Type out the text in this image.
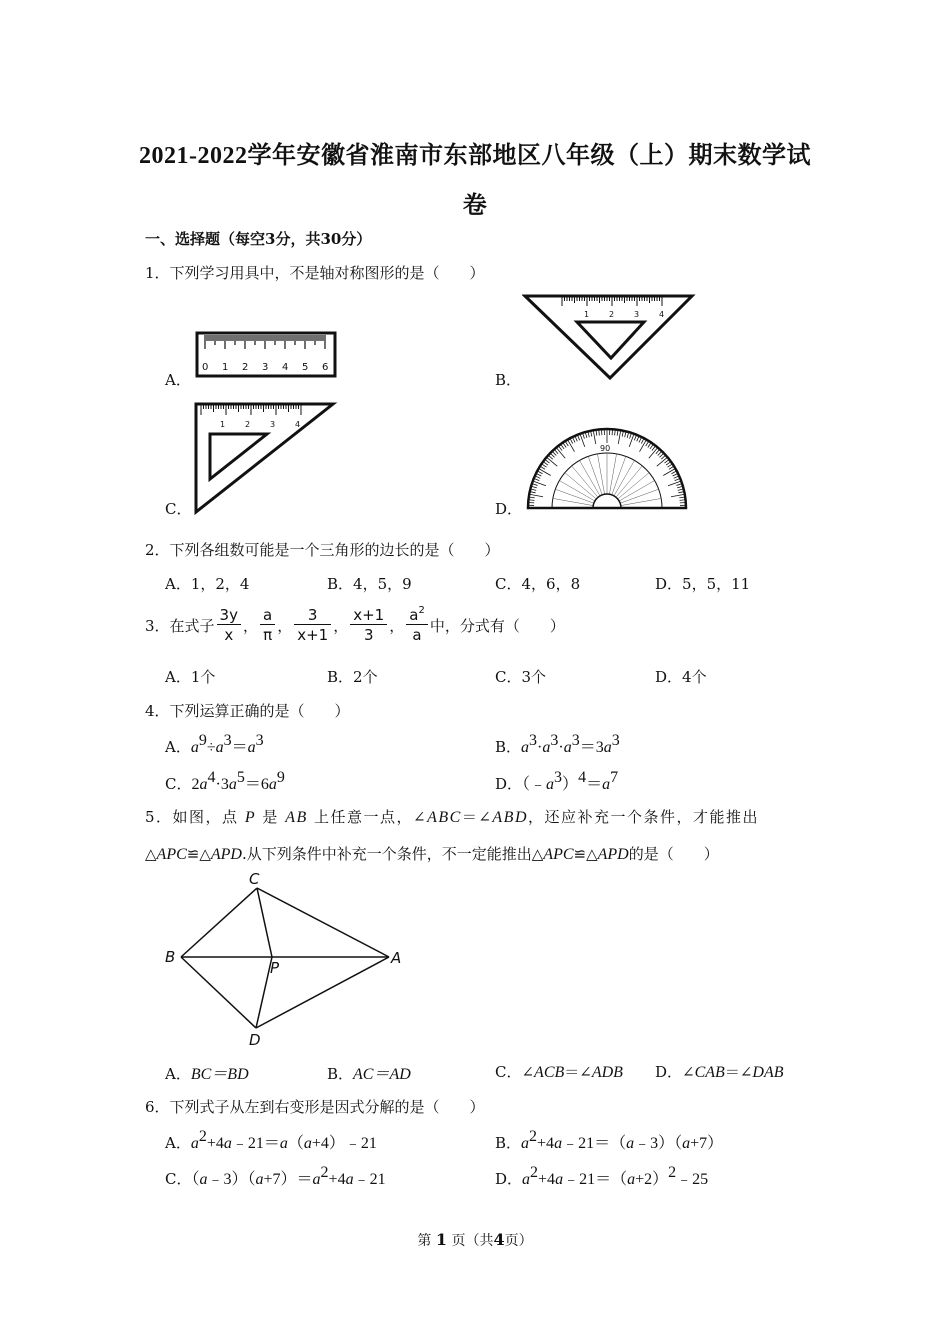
2021-2022学年安徽省淮南市东部地区八年级（上）期末数学试
卷
一、选择题（每空3分，共30分）
1．下列学习用具中，不是轴对称图形的是（　　）
A．
0 1 2 3 4 5 6
B．
1 2 3 4
C．
1 2 3 4
D．
90
2．下列各组数可能是一个三角形的边长的是（　　）
A．1，2，4	B．4，5，9	C．4，6，8	D．5，5，11
3．在式子 $\frac{3y}{x}$ ， $\frac{a}{\pi}$ ， $\frac{3}{x+1}$ ， $\frac{x+1}{3}$ ， $\frac{a^2}{a}$ 中，分式有（　　）
A．1个	B．2个	C．3个	D．4个
4．下列运算正确的是（　　）
A．$a^9\div a^3=a^3$	B．$a^3\cdot a^3\cdot a^3=3a^3$
C．$2a^4\cdot 3a^5=6a^9$	D．$(﹣a^3)^4=a^7$
5．如图，点 P 是 AB 上任意一点，∠ABC＝∠ABD，还应补充一个条件，才能推出
△APC≌△APD.从下列条件中补充一个条件，不一定能推出△APC≌△APD的是（　　）
C
B
P
A
D
A．BC＝BD	B．AC＝AD	C．∠ACB＝∠ADB D．∠CAB＝∠DAB
6．下列式子从左到右变形是因式分解的是（　　）
A．$a^2+4a﹣21=a(a+4)﹣21$	B．$a^2+4a﹣21=(a﹣3)(a+7)$
C．$(a﹣3)(a+7)=a^2+4a﹣21$	D．$a^2+4a﹣21=(a+2)^2﹣25$
第 1 页（共4页）
